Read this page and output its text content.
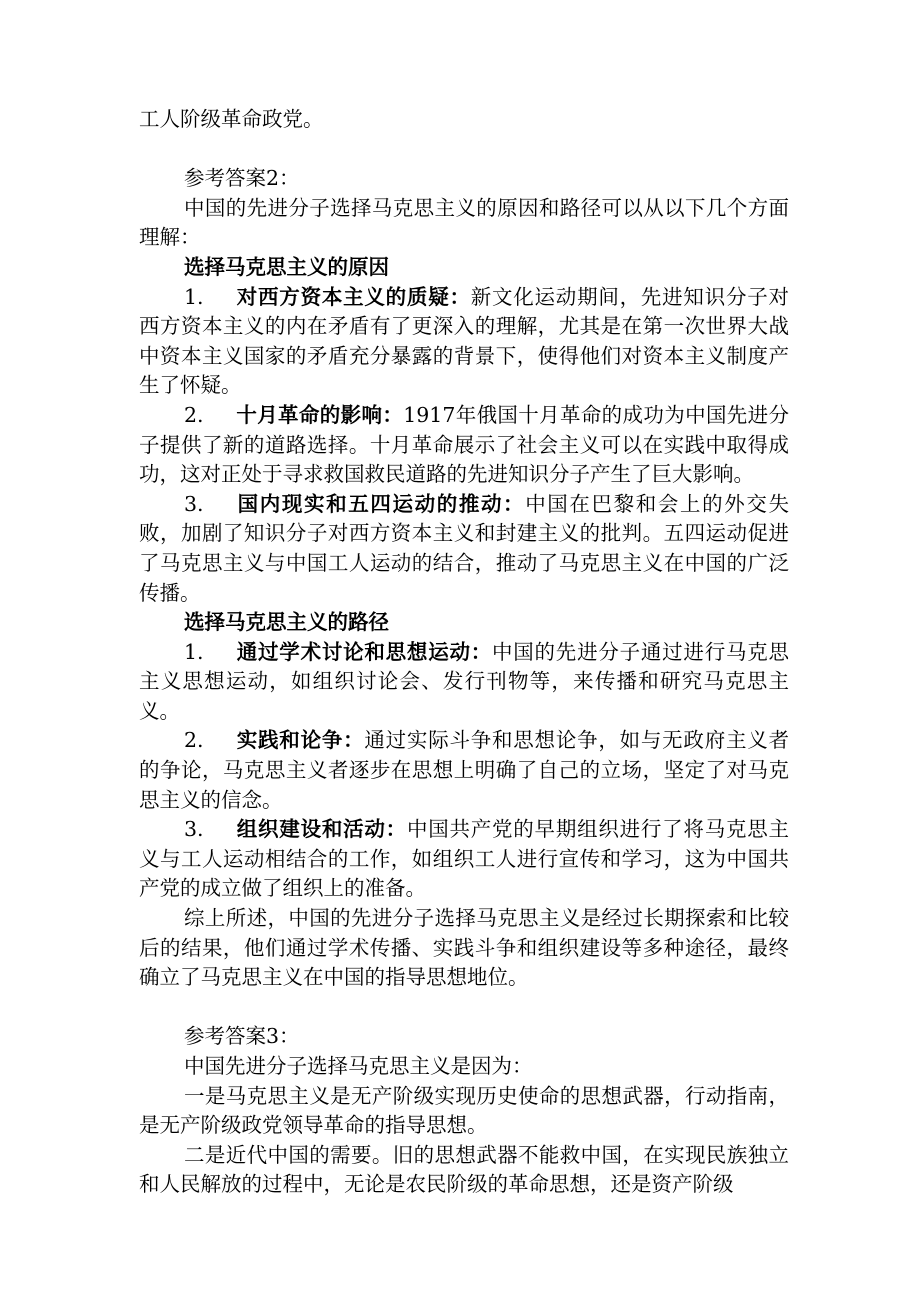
工人阶级革命政党。

参考答案2：

中国的先进分子选择马克思主义的原因和路径可以从以下几个方面理解：

选择马克思主义的原因

1. 对西方资本主义的质疑：新文化运动期间，先进知识分子对西方资本主义的内在矛盾有了更深入的理解，尤其是在第一次世界大战中资本主义国家的矛盾充分暴露的背景下，使得他们对资本主义制度产生了怀疑。

2. 十月革命的影响：1917年俄国十月革命的成功为中国先进分子提供了新的道路选择。十月革命展示了社会主义可以在实践中取得成功，这对正处于寻求救国救民道路的先进知识分子产生了巨大影响。

3. 国内现实和五四运动的推动：中国在巴黎和会上的外交失败，加剧了知识分子对西方资本主义和封建主义的批判。五四运动促进了马克思主义与中国工人运动的结合，推动了马克思主义在中国的广泛传播。

选择马克思主义的路径

1. 通过学术讨论和思想运动：中国的先进分子通过进行马克思主义思想运动，如组织讨论会、发行刊物等，来传播和研究马克思主义。

2. 实践和论争：通过实际斗争和思想论争，如与无政府主义者的争论，马克思主义者逐步在思想上明确了自己的立场，坚定了对马克思主义的信念。

3. 组织建设和活动：中国共产党的早期组织进行了将马克思主义与工人运动相结合的工作，如组织工人进行宣传和学习，这为中国共产党的成立做了组织上的准备。

综上所述，中国的先进分子选择马克思主义是经过长期探索和比较后的结果，他们通过学术传播、实践斗争和组织建设等多种途径，最终确立了马克思主义在中国的指导思想地位。

参考答案3：

中国先进分子选择马克思主义是因为：

一是马克思主义是无产阶级实现历史使命的思想武器，行动指南，是无产阶级政党领导革命的指导思想。

二是近代中国的需要。旧的思想武器不能救中国，在实现民族独立和人民解放的过程中，无论是农民阶级的革命思想，还是资产阶级
